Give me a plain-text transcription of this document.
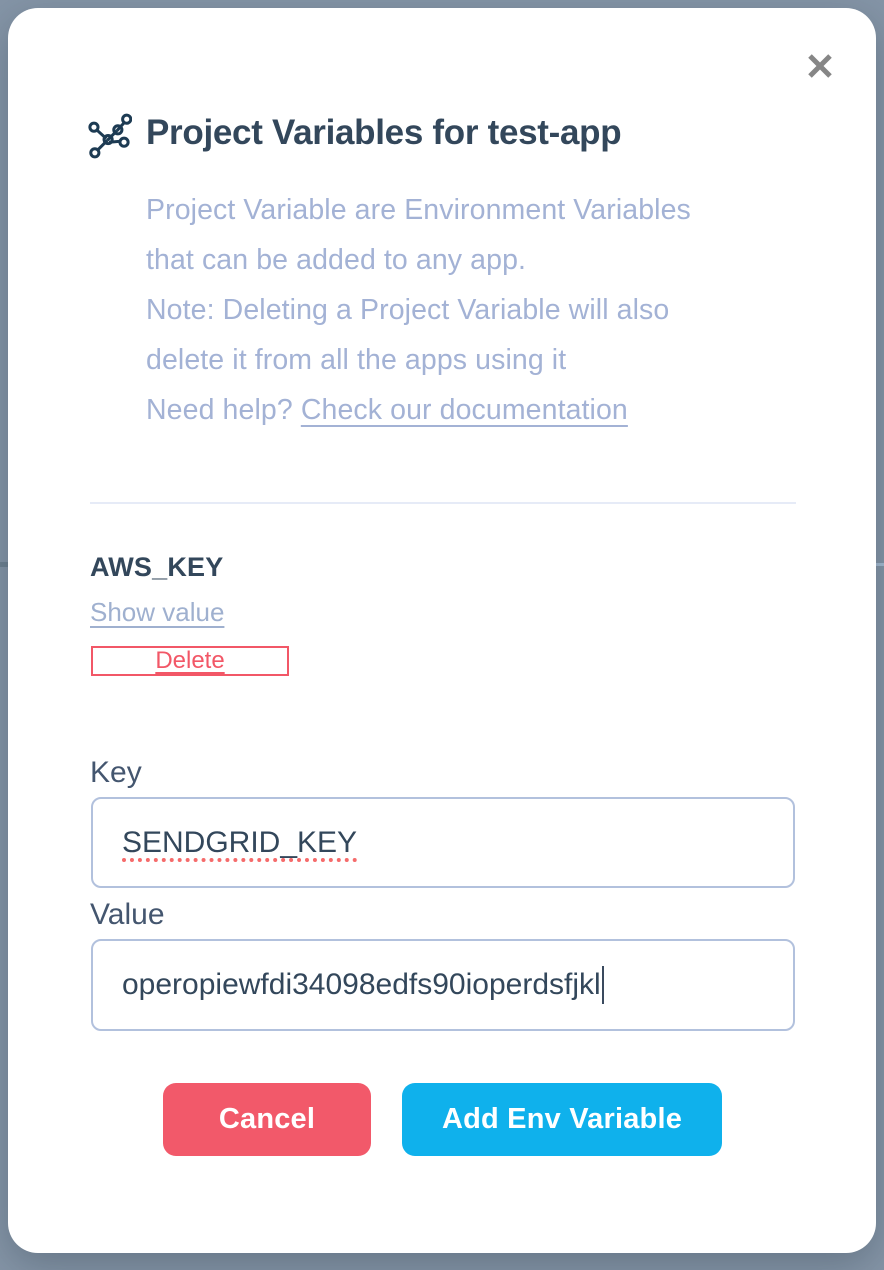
Project Variables for test-app
Project Variable are Environment Variables
that can be added to any app.
Note: Deleting a Project Variable will also
delete it from all the apps using it
Need help? Check our documentation
AWS_KEY
Show value
Delete
Key
SENDGRID_KEY
Value
operopiewfdi34098edfs90ioperdsfjkl
Cancel	Add Env Variable
